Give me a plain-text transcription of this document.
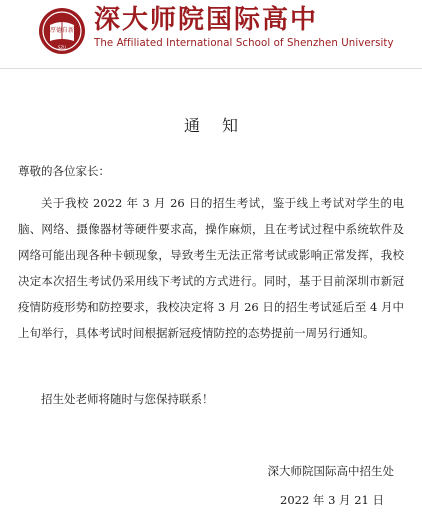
厚德 自新
SZU
深大师院国际高中
The Affiliated International School of Shenzhen University
通知
尊敬的各位家长：

关于我校 2022 年 3 月 26 日的招生考试，鉴于线上考试对学生的电脑、网络、摄像器材等硬件要求高，操作麻烦，且在考试过程中系统软件及网络可能出现各种卡顿现象，导致考生无法正常考试或影响正常发挥，我校决定本次招生考试仍采用线下考试的方式进行。同时，基于目前深圳市新冠疫情防疫形势和防控要求，我校决定将 3 月 26 日的招生考试延后至 4 月中上旬举行，具体考试时间根据新冠疫情防控的态势提前一周另行通知。

招生处老师将随时与您保持联系！

深大师院国际高中招生处
2022 年 3 月 21 日
